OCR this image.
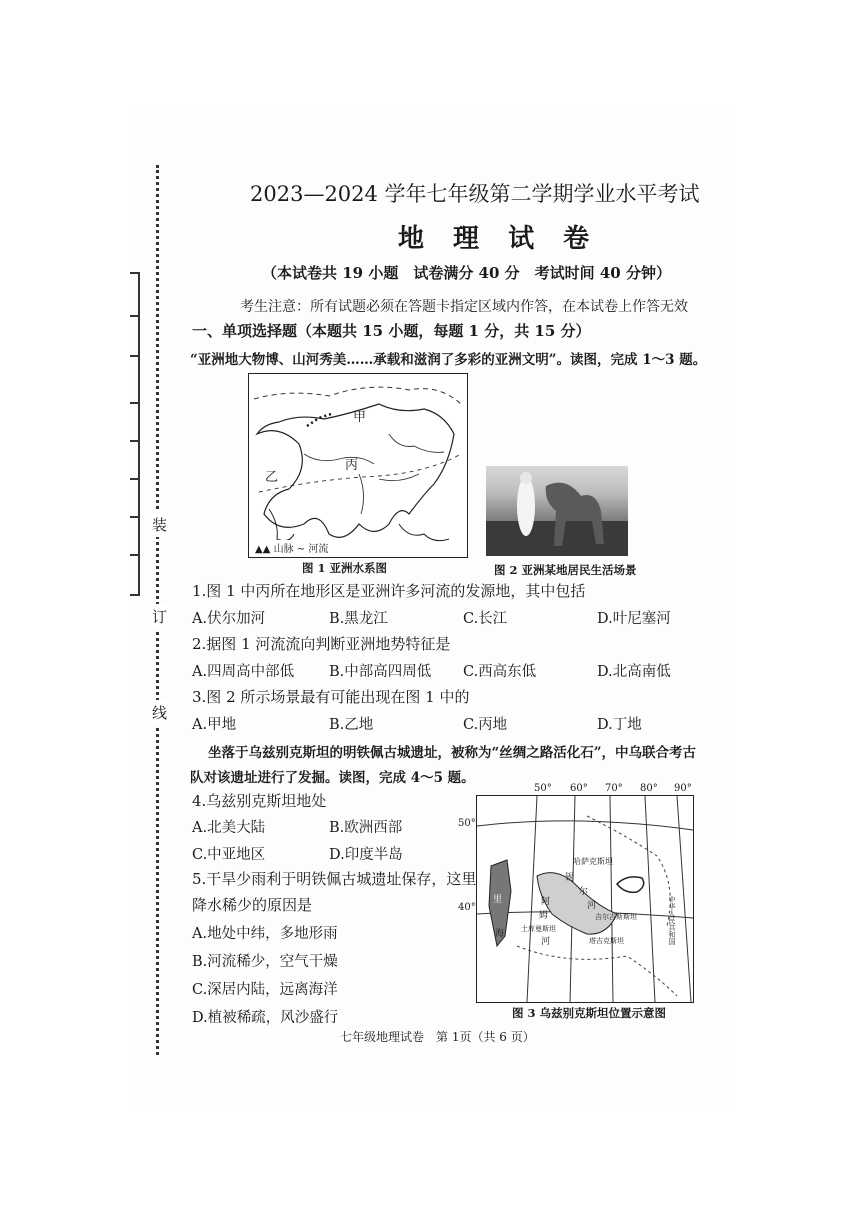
装
订
线
2023—2024 学年七年级第二学期学业水平考试
地 理 试 卷
（本试卷共 19 小题　试卷满分 40 分　考试时间 40 分钟）
考生注意：所有试题必须在答题卡指定区域内作答，在本试卷上作答无效
一、单项选择题（本题共 15 小题，每题 1 分，共 15 分）
“亚洲地大物博、山河秀美……承载和滋润了多彩的亚洲文明”。读图，完成 1～3 题。
甲
乙
丙
▲▲ 山脉 ∼ 河流
图 1 亚洲水系图	图 2 亚洲某地居民生活场景
1.图 1 中丙所在地形区是亚洲许多河流的发源地，其中包括
A.伏尔加河	B.黑龙江	C.长江	D.叶尼塞河
2.据图 1 河流流向判断亚洲地势特征是
A.四周高中部低 B.中部高四周低 C.西高东低	D.北高南低
3.图 2 所示场景最有可能出现在图 1 中的
A.甲地	B.乙地	C.丙地	D.丁地
坐落于乌兹别克斯坦的明铁佩古城遗址，被称为“丝绸之路活化石”，中乌联合考古
队对该遗址进行了发掘。读图，完成 4～5 题。
4.乌兹别克斯坦地处
A.北美大陆	B.欧洲西部
C.中亚地区	D.印度半岛
5.干旱少雨利于明铁佩古城遗址保存，这里
降水稀少的原因是
A.地处中纬，多地形雨
B.河流稀少，空气干燥
C.深居内陆，远离海洋
D.植被稀疏，风沙盛行
50° 60° 70° 80° 90°
50°
40°
哈萨克斯坦
锡
尔
河
阿
姆
河
吉尔吉斯斯坦
土库曼斯坦
塔吉克斯坦	中华人民共和国
里
海
图 3 乌兹别克斯坦位置示意图
七年级地理试卷　第 1页（共 6 页）
